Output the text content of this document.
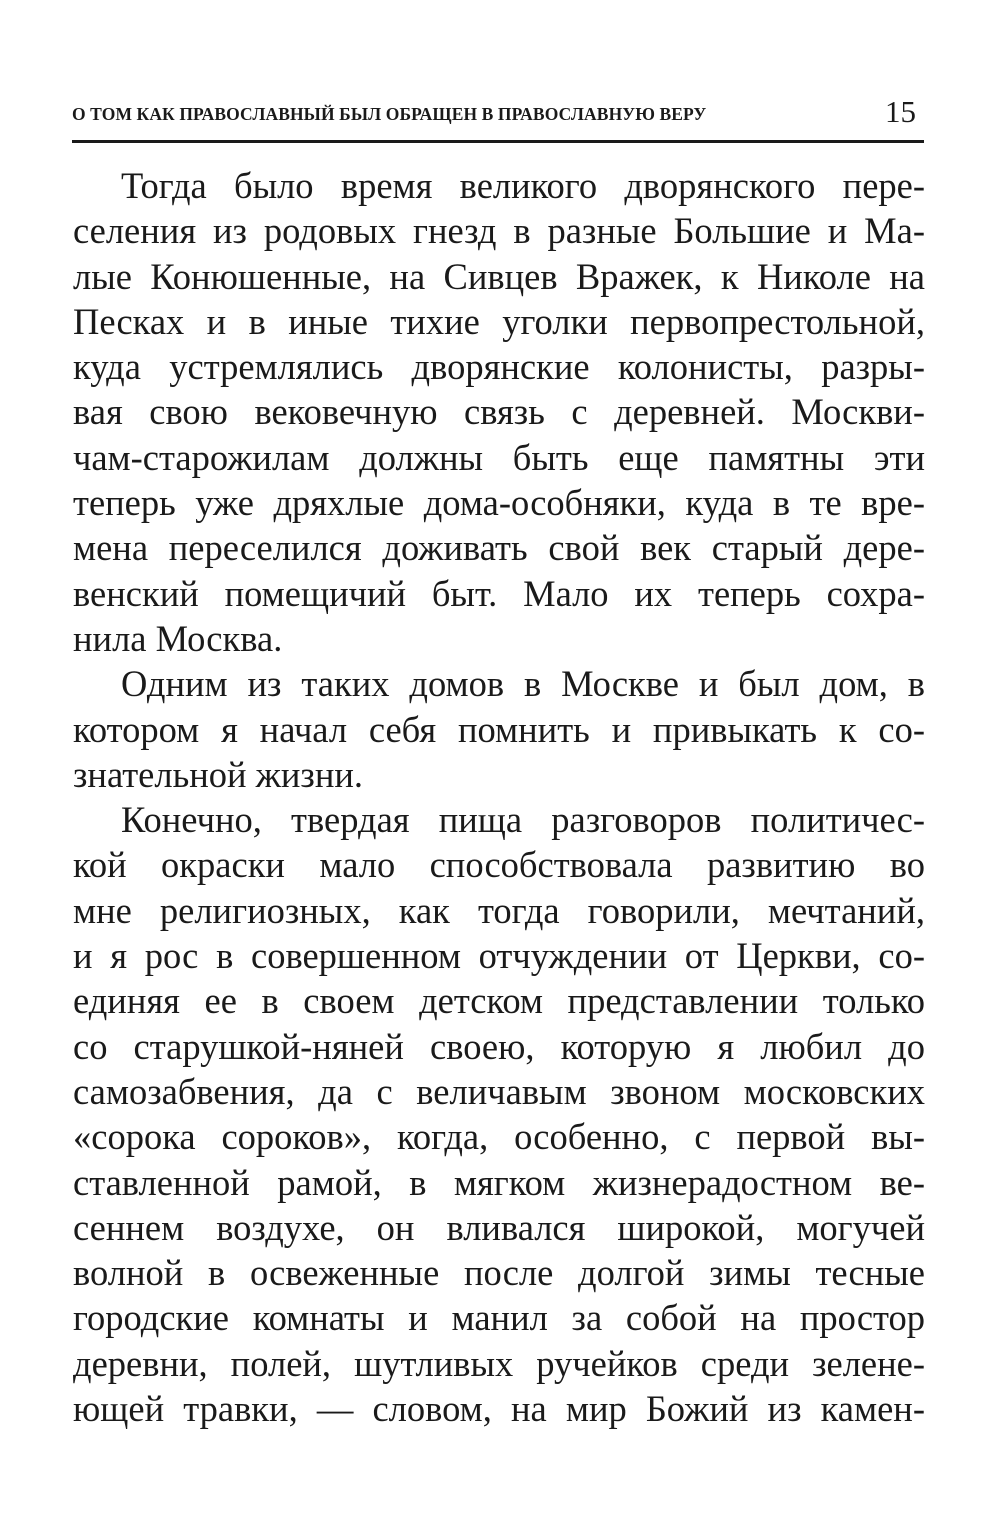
О ТОМ КАК ПРАВОСЛАВНЫЙ БЫЛ ОБРАЩЕН В ПРАВОСЛАВНУЮ ВЕРУ	15
Тогда было время великого дворянского пере-
селения из родовых гнезд в разные Большие и Ма-
лые Конюшенные, на Сивцев Вражек, к Николе на
Песках и в иные тихие уголки первопрестольной,
куда устремлялись дворянские колонисты, разры-
вая свою вековечную связь с деревней. Москви-
чам-старожилам должны быть еще памятны эти
теперь уже дряхлые дома-особняки, куда в те вре-
мена переселился доживать свой век старый дере-
венский помещичий быт. Мало их теперь сохра-
нила Москва.
Одним из таких домов в Москве и был дом, в
котором я начал себя помнить и привыкать к со-
знательной жизни.
Конечно, твердая пища разговоров политичес-
кой окраски мало способствовала развитию во
мне религиозных, как тогда говорили, мечтаний,
и я рос в совершенном отчуждении от Церкви, со-
единяя ее в своем детском представлении только
со старушкой-няней своею, которую я любил до
самозабвения, да с величавым звоном московских
«сорока сороков», когда, особенно, с первой вы-
ставленной рамой, в мягком жизнерадостном ве-
сеннем воздухе, он вливался широкой, могучей
волной в освеженные после долгой зимы тесные
городские комнаты и манил за собой на простор
деревни, полей, шутливых ручейков среди зелене-
ющей травки, — словом, на мир Божий из камен-
